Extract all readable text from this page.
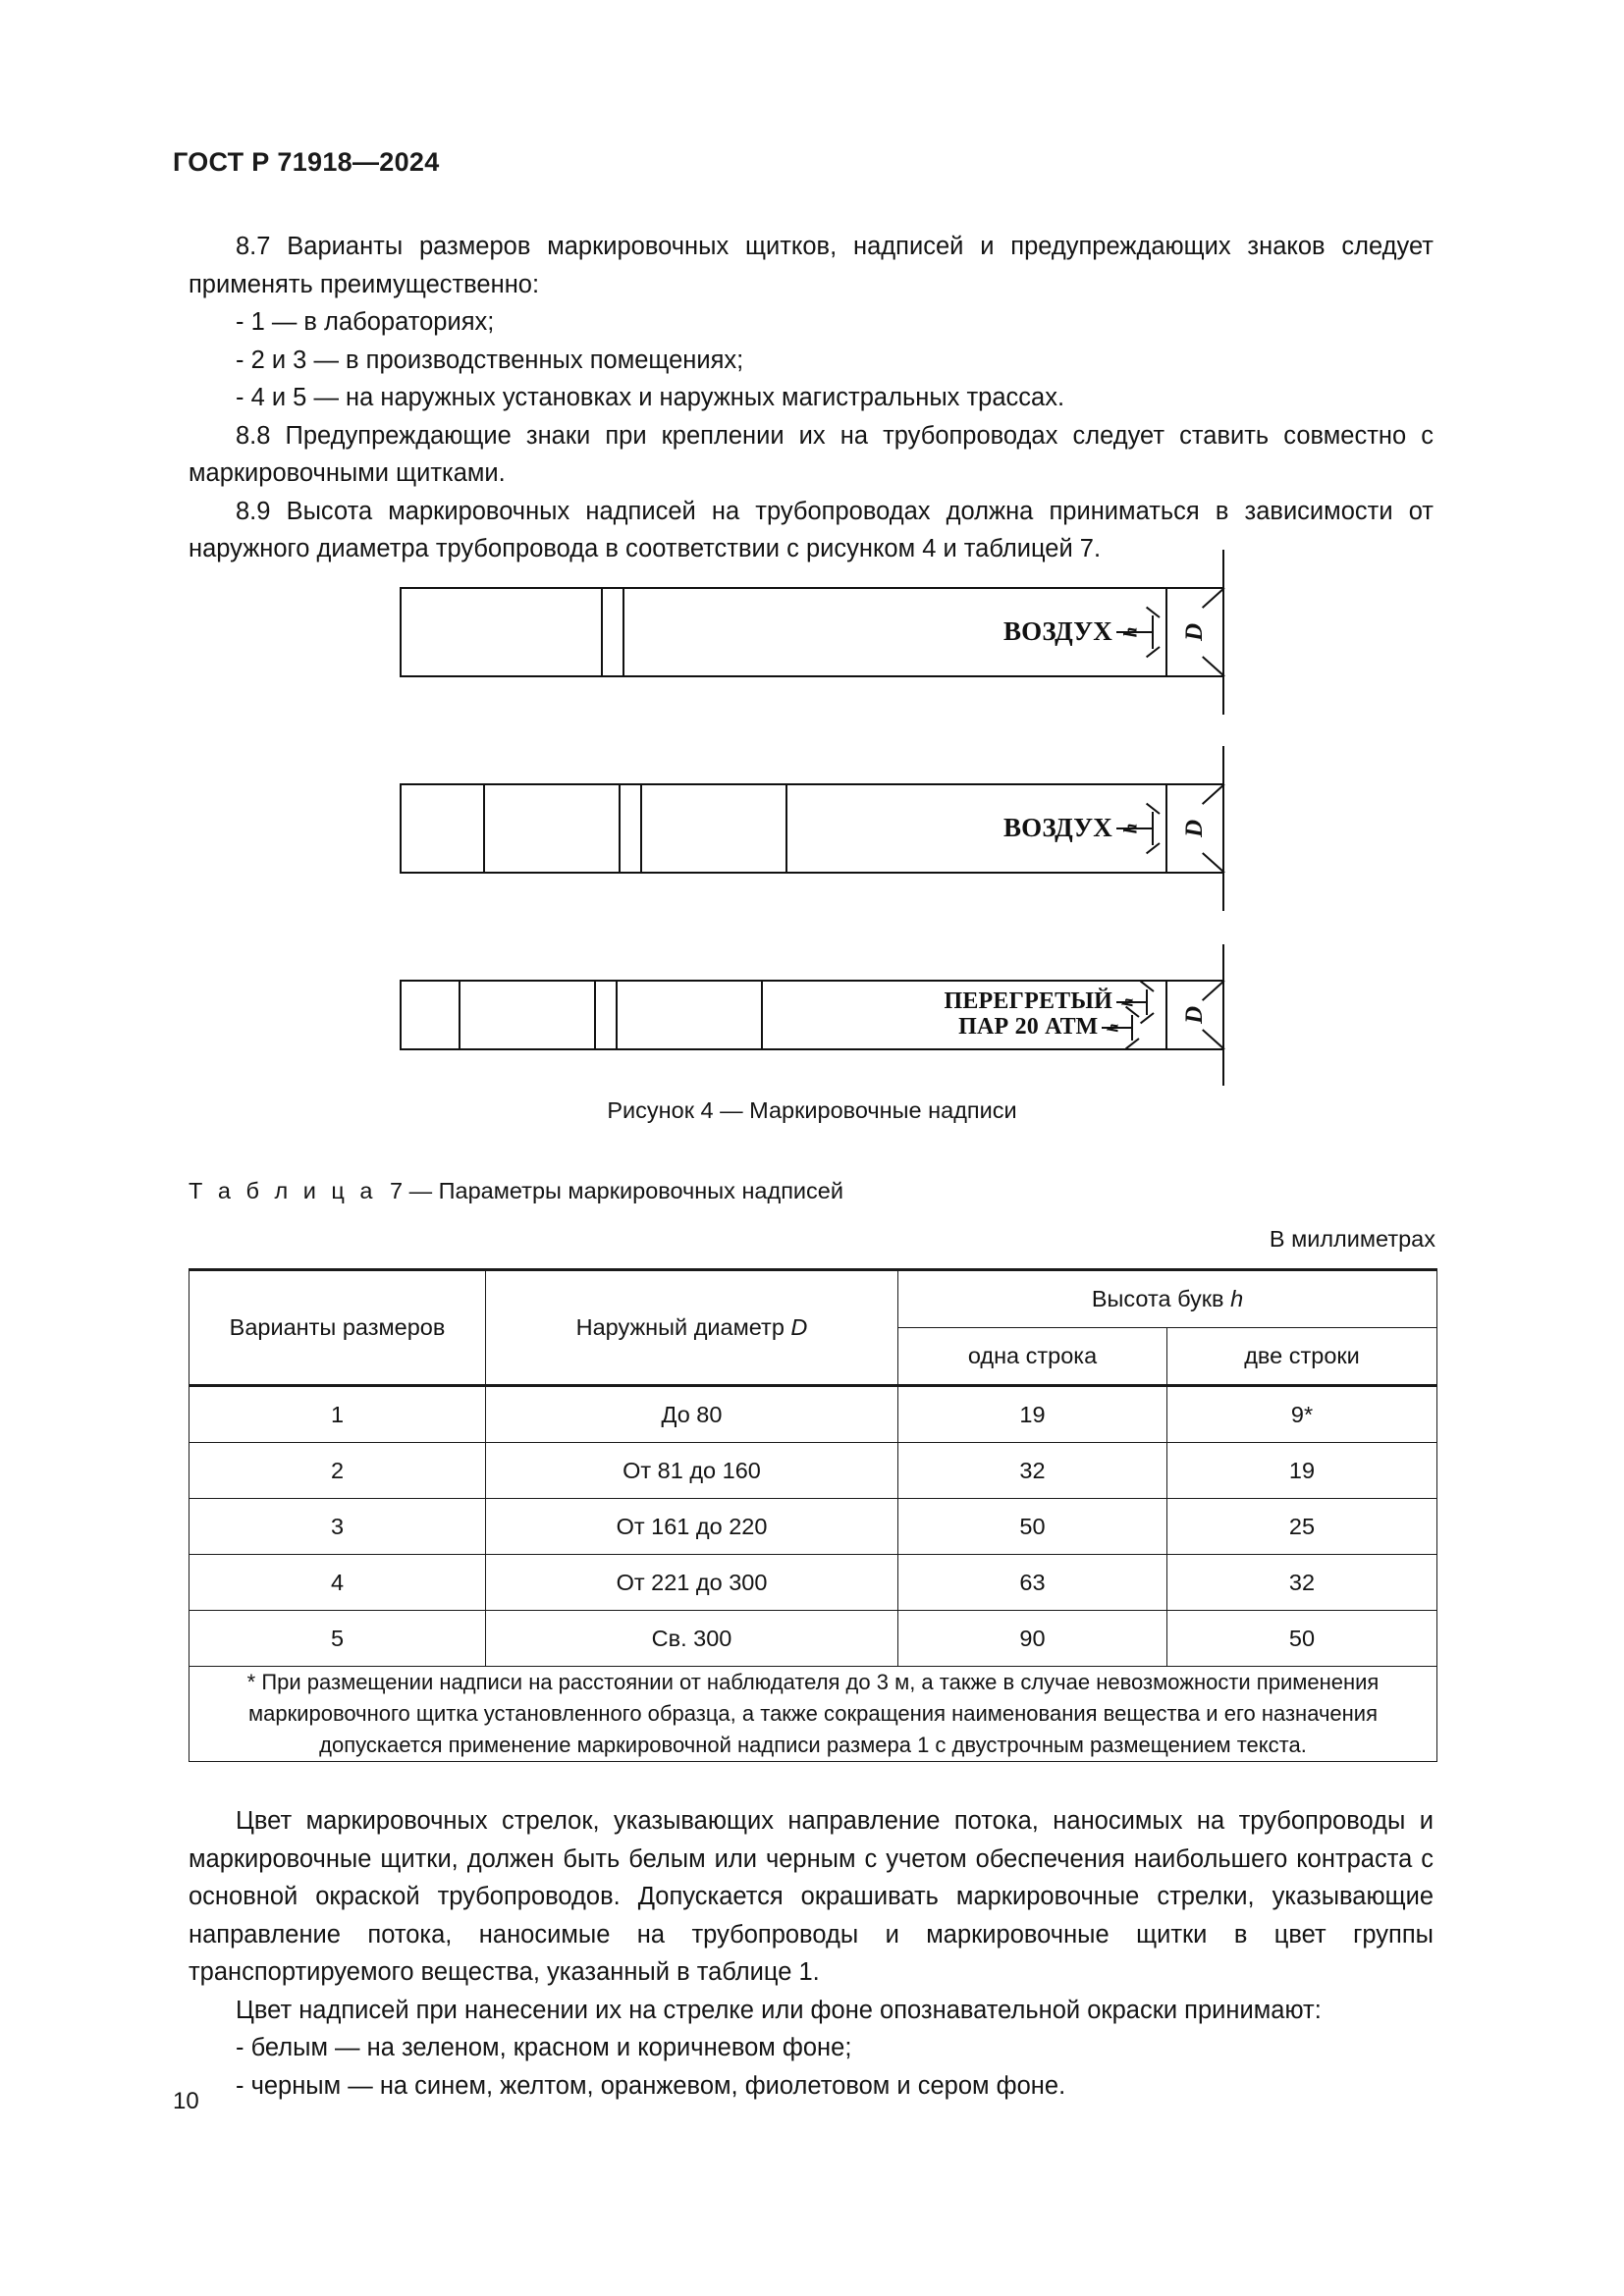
ГОСТ Р 71918—2024

8.7 Варианты размеров маркировочных щитков, надписей и предупреждающих знаков следует применять преимущественно:

- 1 — в лабораториях;

- 2 и 3 — в производственных помещениях;

- 4 и 5 — на наружных установках и наружных магистральных трассах.

8.8 Предупреждающие знаки при креплении их на трубопроводах следует ставить совместно с маркировочными щитками.

8.9 Высота маркировочных надписей на трубопроводах должна приниматься в зависимости от наружного диаметра трубопровода в соответствии с рисунком 4 и таблицей 7.

ВОЗДУХ h D
ВОЗДУХ h D
ПЕРЕГРЕТЫЙ h
ПАР 20 АТМ h
D
Рисунок 4 — Маркировочные надписи
Т а б л и ц а 7 — Параметры маркировочных надписей
В миллиметрах
Варианты размеров	Наружный диаметр D	Высота букв h	
		одна строка	две строки
1	До 80	19	9*
2	От 81 до 160	32	19
3	От 161 до 220	50	25
4	От 221 до 300	63	32
5	Св. 300	90	50
* При размещении надписи на расстоянии от наблюдателя до 3 м, а также в случае невозможности применения маркировочного щитка установленного образца, а также сокращения наименования вещества и его назначения допускается применение маркировочной надписи размера 1 с двустрочным размещением текста.			

Цвет маркировочных стрелок, указывающих направление потока, наносимых на трубопроводы и маркировочные щитки, должен быть белым или черным с учетом обеспечения наибольшего контраста с основной окраской трубопроводов. Допускается окрашивать маркировочные стрелки, указывающие направление потока, наносимые на трубопроводы и маркировочные щитки в цвет группы транспортируемого вещества, указанный в таблице 1.

Цвет надписей при нанесении их на стрелке или фоне опознавательной окраски принимают:

- белым — на зеленом, красном и коричневом фоне;

- черным — на синем, желтом, оранжевом, фиолетовом и сером фоне.

10
